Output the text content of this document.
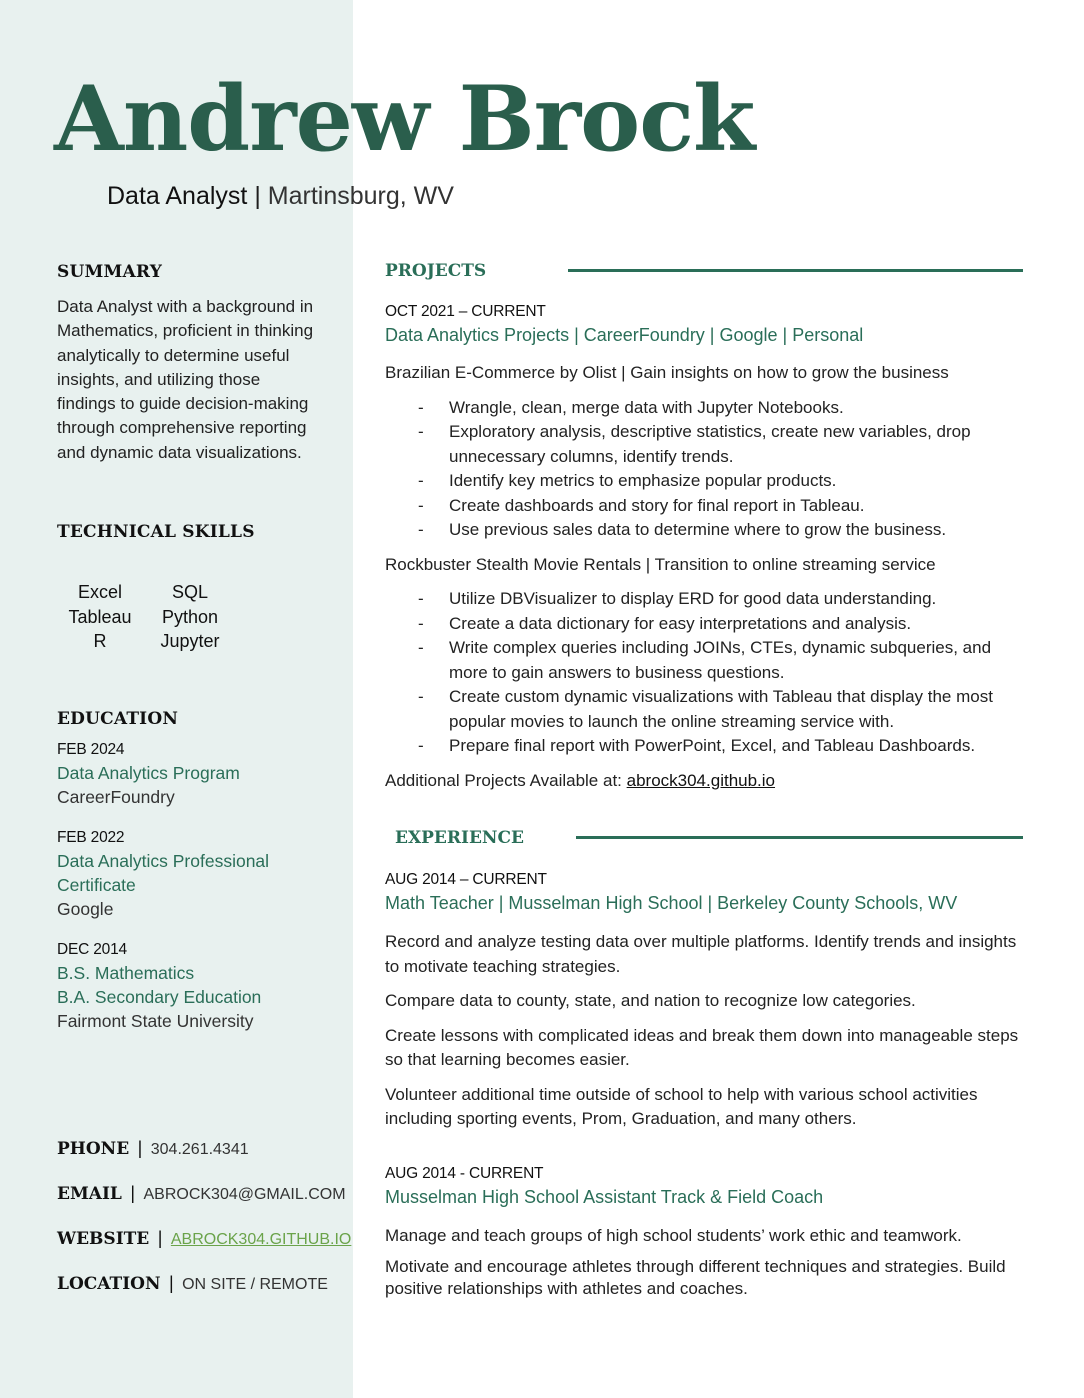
Andrew Brock
Data Analyst | Martinsburg, WV
SUMMARY
Data Analyst with a background in
Mathematics, proficient in thinking
analytically to determine useful
insights, and utilizing those
findings to guide decision-making
through comprehensive reporting
and dynamic data visualizations.
TECHNICAL SKILLS
Excel	SQL
Tableau	Python
R	Jupyter
EDUCATION
FEB 2024
Data Analytics Program
CareerFoundry
FEB 2022
Data Analytics Professional
Certificate
Google
DEC 2014
B.S. Mathematics
B.A. Secondary Education
Fairmont State University
PHONE | 304.261.4341
EMAIL | ABROCK304@GMAIL.COM
WEBSITE | ABROCK304.GITHUB.IO
LOCATION | ON SITE / REMOTE
PROJECTS
OCT 2021 – CURRENT
Data Analytics Projects | CareerFoundry | Google | Personal

Brazilian E-Commerce by Olist | Gain insights on how to grow the business

- Wrangle, clean, merge data with Jupyter Notebooks.
- Exploratory analysis, descriptive statistics, create new variables, drop unnecessary columns, identify trends.
- Identify key metrics to emphasize popular products.
- Create dashboards and story for final report in Tableau.
- Use previous sales data to determine where to grow the business.

Rockbuster Stealth Movie Rentals | Transition to online streaming service

- Utilize DBVisualizer to display ERD for good data understanding.
- Create a data dictionary for easy interpretations and analysis.
- Write complex queries including JOINs, CTEs, dynamic subqueries, and more to gain answers to business questions.
- Create custom dynamic visualizations with Tableau that display the most popular movies to launch the online streaming service with.
- Prepare final report with PowerPoint, Excel, and Tableau Dashboards.

Additional Projects Available at: abrock304.github.io

EXPERIENCE
AUG 2014 – CURRENT
Math Teacher | Musselman High School | Berkeley County Schools, WV

Record and analyze testing data over multiple platforms. Identify trends and insights to motivate teaching strategies.

Compare data to county, state, and nation to recognize low categories.

Create lessons with complicated ideas and break them down into manageable steps so that learning becomes easier.

Volunteer additional time outside of school to help with various school activities including sporting events, Prom, Graduation, and many others.

AUG 2014 - CURRENT
Musselman High School Assistant Track & Field Coach

Manage and teach groups of high school students’ work ethic and teamwork.

Motivate and encourage athletes through different techniques and strategies. Build positive relationships with athletes and coaches.
